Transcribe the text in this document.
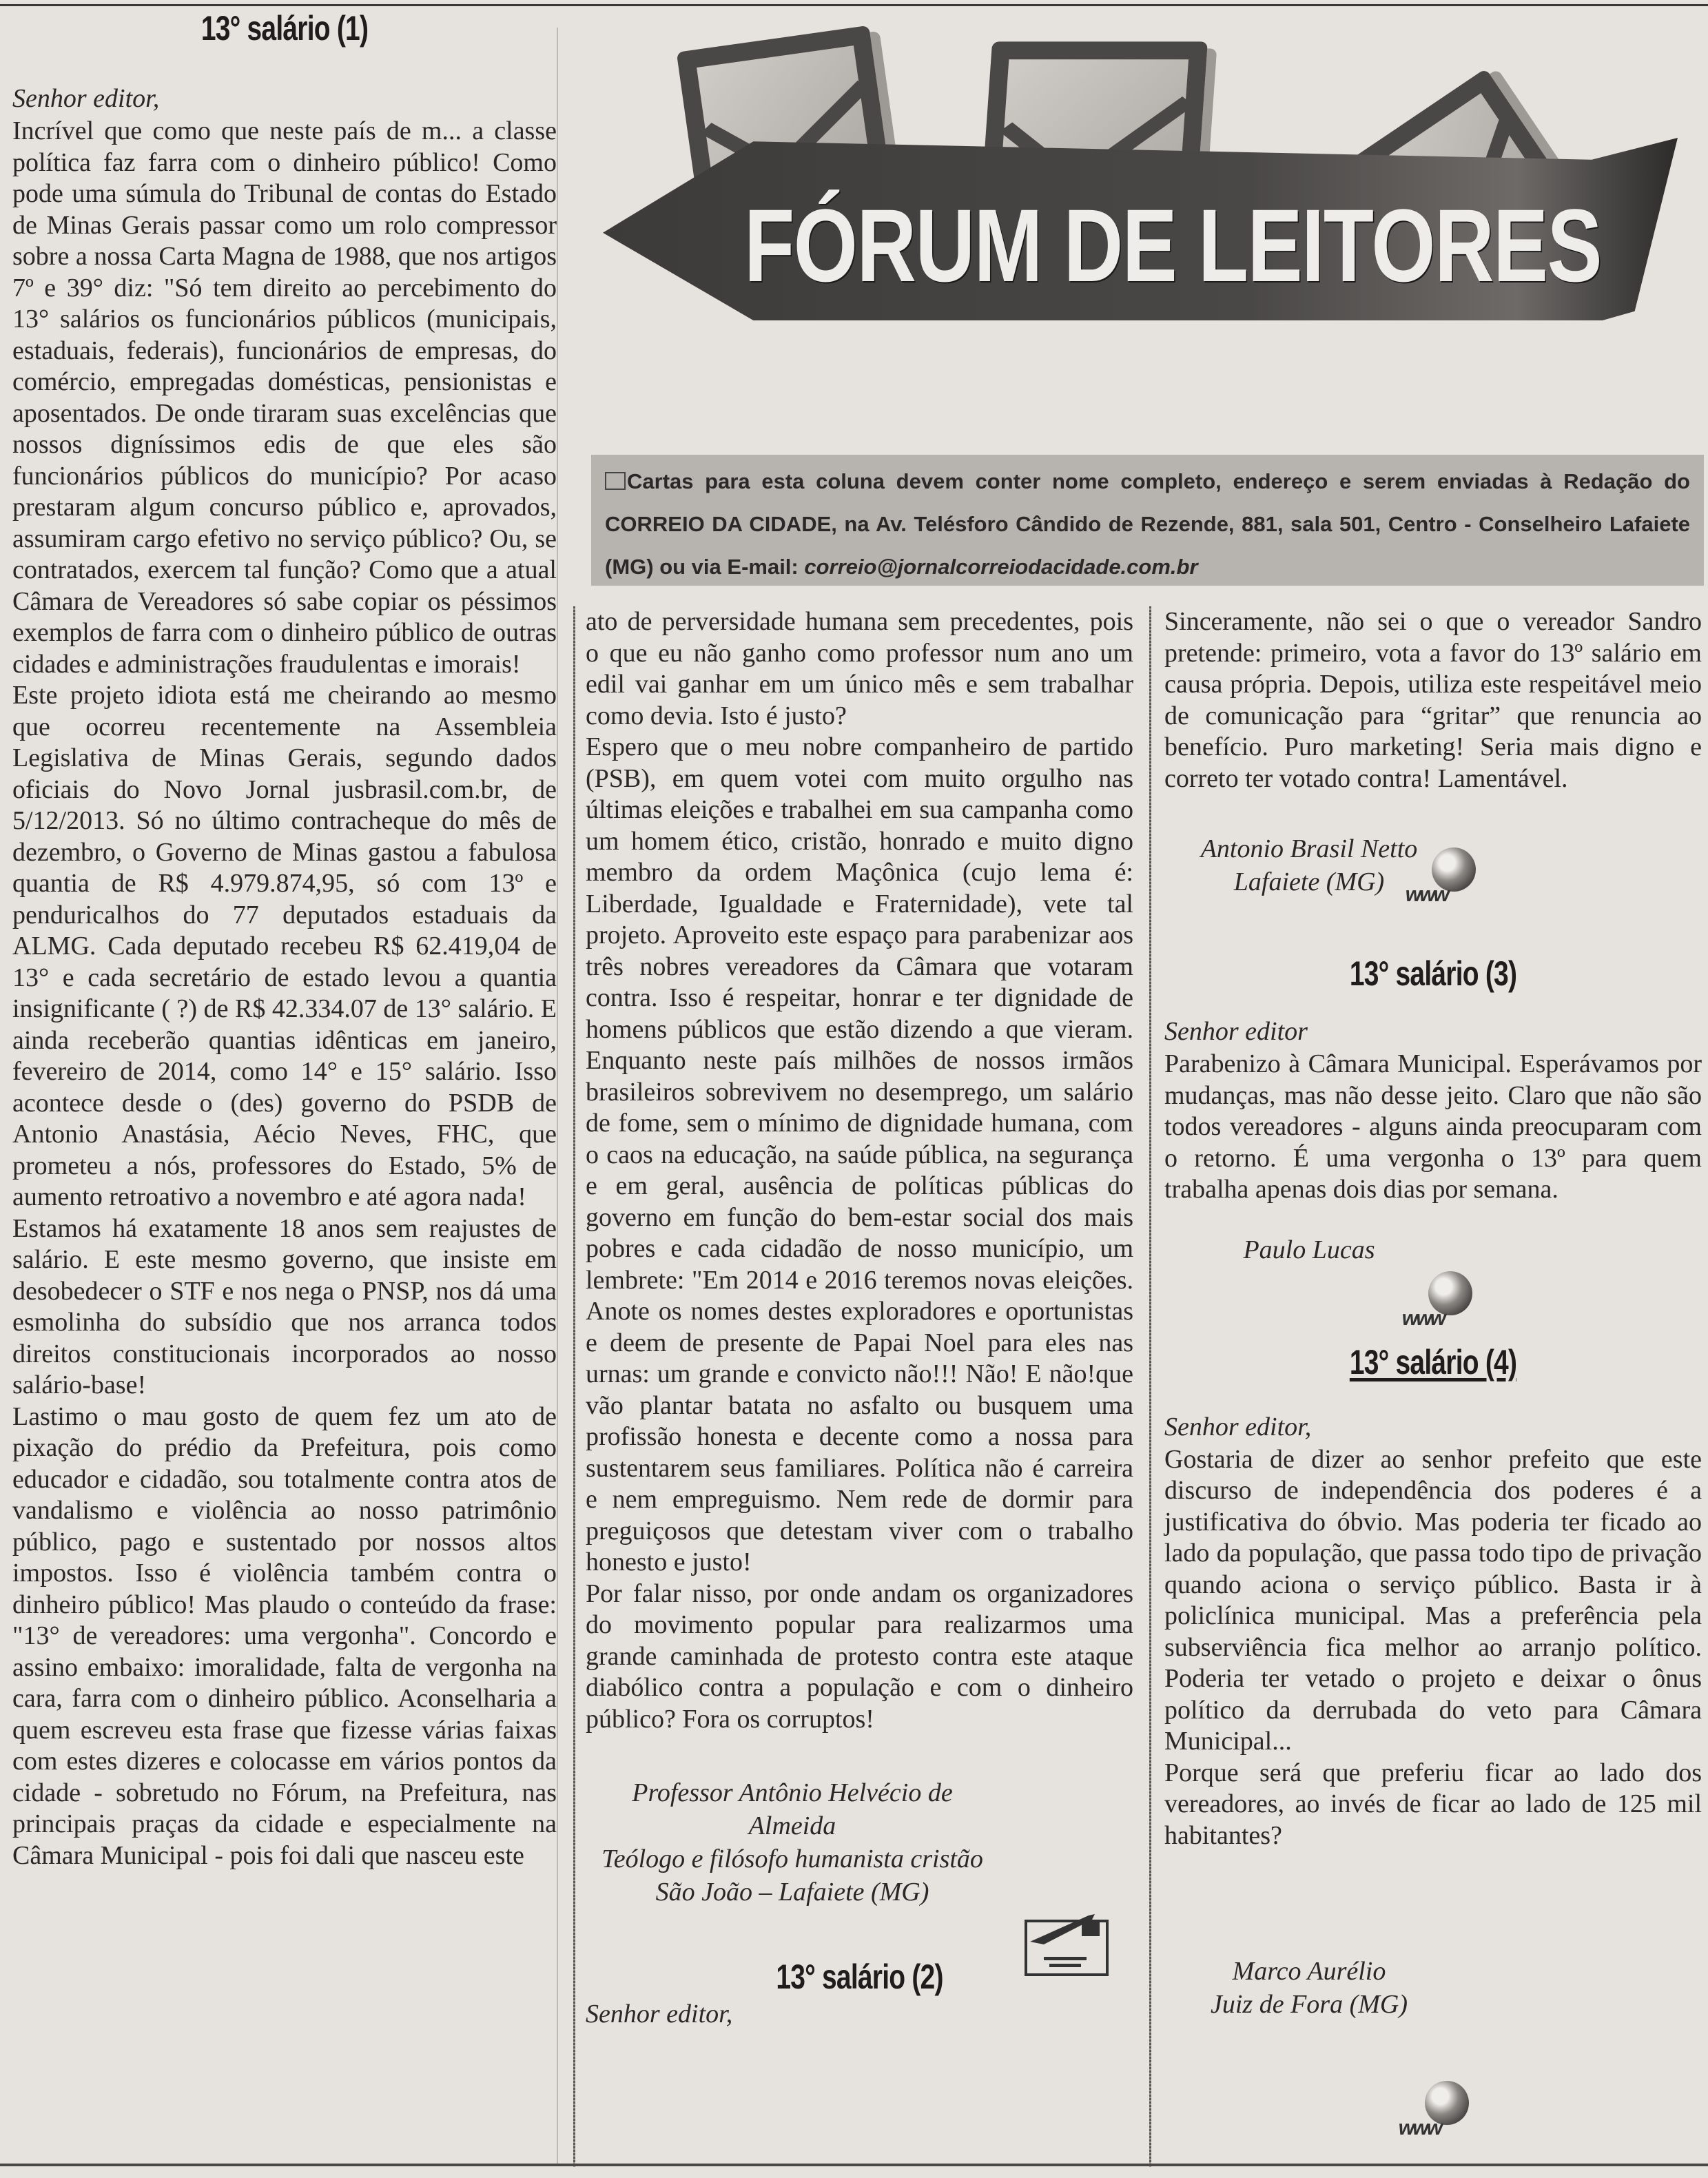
13° salário (1)

Senhor editor,

Incrível que como que neste país de m... a classe política faz farra com o dinheiro público! Como pode uma súmula do Tribunal de contas do Estado de Minas Gerais passar como um rolo compressor sobre a nossa Carta Magna de 1988, que nos artigos 7º e 39° diz: "Só tem direito ao percebimento do 13° salários os funcionários públicos (municipais, estaduais, federais), funcionários de empresas, do comércio, empregadas domésticas, pensionistas e aposentados. De onde tiraram suas excelências que nossos digníssimos edis de que eles são funcionários públicos do município? Por acaso prestaram algum concurso público e, aprovados, assumiram cargo efetivo no serviço público? Ou, se contratados, exercem tal função? Como que a atual Câmara de Vereadores só sabe copiar os péssimos exemplos de farra com o dinheiro público de outras cidades e administrações fraudulentas e imorais!

Este projeto idiota está me cheirando ao mesmo que ocorreu recentemente na Assembleia Legislativa de Minas Gerais, segundo dados oficiais do Novo Jornal jusbrasil.com.br, de 5/12/2013. Só no último contracheque do mês de dezembro, o Governo de Minas gastou a fabulosa quantia de R$ 4.979.874,95, só com 13º e penduricalhos do 77 deputados estaduais da ALMG. Cada deputado recebeu R$ 62.419,04 de 13° e cada secretário de estado levou a quantia insignificante ( ?) de R$ 42.334.07 de 13° salário. E ainda receberão quantias idênticas em janeiro, fevereiro de 2014, como 14° e 15° salário. Isso acontece desde o (des) governo do PSDB de Antonio Anastásia, Aécio Neves, FHC, que prometeu a nós, professores do Estado, 5% de aumento retroativo a novembro e até agora nada!

Estamos há exatamente 18 anos sem reajustes de salário. E este mesmo governo, que insiste em desobedecer o STF e nos nega o PNSP, nos dá uma esmolinha do subsídio que nos arranca todos direitos constitucionais incorporados ao nosso salário-base!

Lastimo o mau gosto de quem fez um ato de pixação do prédio da Prefeitura, pois como educador e cidadão, sou totalmente contra atos de vandalismo e violência ao nosso patrimônio público, pago e sustentado por nossos altos impostos. Isso é violência também contra o dinheiro público! Mas plaudo o conteúdo da frase: "13° de vereadores: uma vergonha". Concordo e assino embaixo: imoralidade, falta de vergonha na cara, farra com o dinheiro público. Aconselharia a quem escreveu esta frase que fizesse várias faixas com estes dizeres e colocasse em vários pontos da cidade - sobretudo no Fórum, na Prefeitura, nas principais praças da cidade e especialmente na Câmara Municipal - pois foi dali que nasceu este

FÓRUM DE LEITORES
Cartas para esta coluna devem conter nome completo, endereço e serem enviadas à Redação do CORREIO DA CIDADE, na Av. Telésforo Cândido de Rezende, 881, sala 501, Centro - Conselheiro Lafaiete (MG) ou via E-mail: correio@jornalcorreiodacidade.com.br

ato de perversidade humana sem precedentes, pois o que eu não ganho como professor num ano um edil vai ganhar em um único mês e sem trabalhar como devia. Isto é justo?

Espero que o meu nobre companheiro de partido (PSB), em quem votei com muito orgulho nas últimas eleições e trabalhei em sua campanha como um homem ético, cristão, honrado e muito digno membro da ordem Maçônica (cujo lema é: Liberdade, Igualdade e Fraternidade), vete tal projeto. Aproveito este espaço para parabenizar aos três nobres vereadores da Câmara que votaram contra. Isso é respeitar, honrar e ter dignidade de homens públicos que estão dizendo a que vieram. Enquanto neste país milhões de nossos irmãos brasileiros sobrevivem no desemprego, um salário de fome, sem o mínimo de dignidade humana, com o caos na educação, na saúde pública, na segurança e em geral, ausência de políticas públicas do governo em função do bem-estar social dos mais pobres e cada cidadão de nosso município, um lembrete: "Em 2014 e 2016 teremos novas eleições. Anote os nomes destes exploradores e oportunistas e deem de presente de Papai Noel para eles nas urnas: um grande e convicto não!!! Não! E não!que vão plantar batata no asfalto ou busquem uma profissão honesta e decente como a nossa para sustentarem seus familiares. Política não é carreira e nem empreguismo. Nem rede de dormir para preguiçosos que detestam viver com o trabalho honesto e justo!

Por falar nisso, por onde andam os organizadores do movimento popular para realizarmos uma grande caminhada de protesto contra este ataque diabólico contra a população e com o dinheiro público? Fora os corruptos!

Professor Antônio Helvécio de Almeida
Teólogo e filósofo humanista cristão
São João – Lafaiete (MG)
13° salário (2)

Senhor editor,

Sinceramente, não sei o que o vereador Sandro pretende: primeiro, vota a favor do 13º salário em causa própria. Depois, utiliza este respeitável meio de comunicação para “gritar” que renuncia ao benefício. Puro marketing! Seria mais digno e correto ter votado contra! Lamentável.

Antonio Brasil Netto
Lafaiete (MG)
13° salário (3)

Senhor editor

Parabenizo à Câmara Municipal. Esperávamos por mudanças, mas não desse jeito. Claro que não são todos vereadores - alguns ainda preocuparam com o retorno. É uma vergonha o 13º para quem trabalha apenas dois dias por semana.

Paulo Lucas
13° salário (4)

Senhor editor,

Gostaria de dizer ao senhor prefeito que este discurso de independência dos poderes é a justificativa do óbvio. Mas poderia ter ficado ao lado da população, que passa todo tipo de privação quando aciona o serviço público. Basta ir à policlínica municipal. Mas a preferência pela subserviência fica melhor ao arranjo político. Poderia ter vetado o projeto e deixar o ônus político da derrubada do veto para Câmara Municipal...

Porque será que preferiu ficar ao lado dos vereadores, ao invés de ficar ao lado de 125 mil habitantes?

Marco Aurélio
Juiz de Fora (MG)
www
www
www
